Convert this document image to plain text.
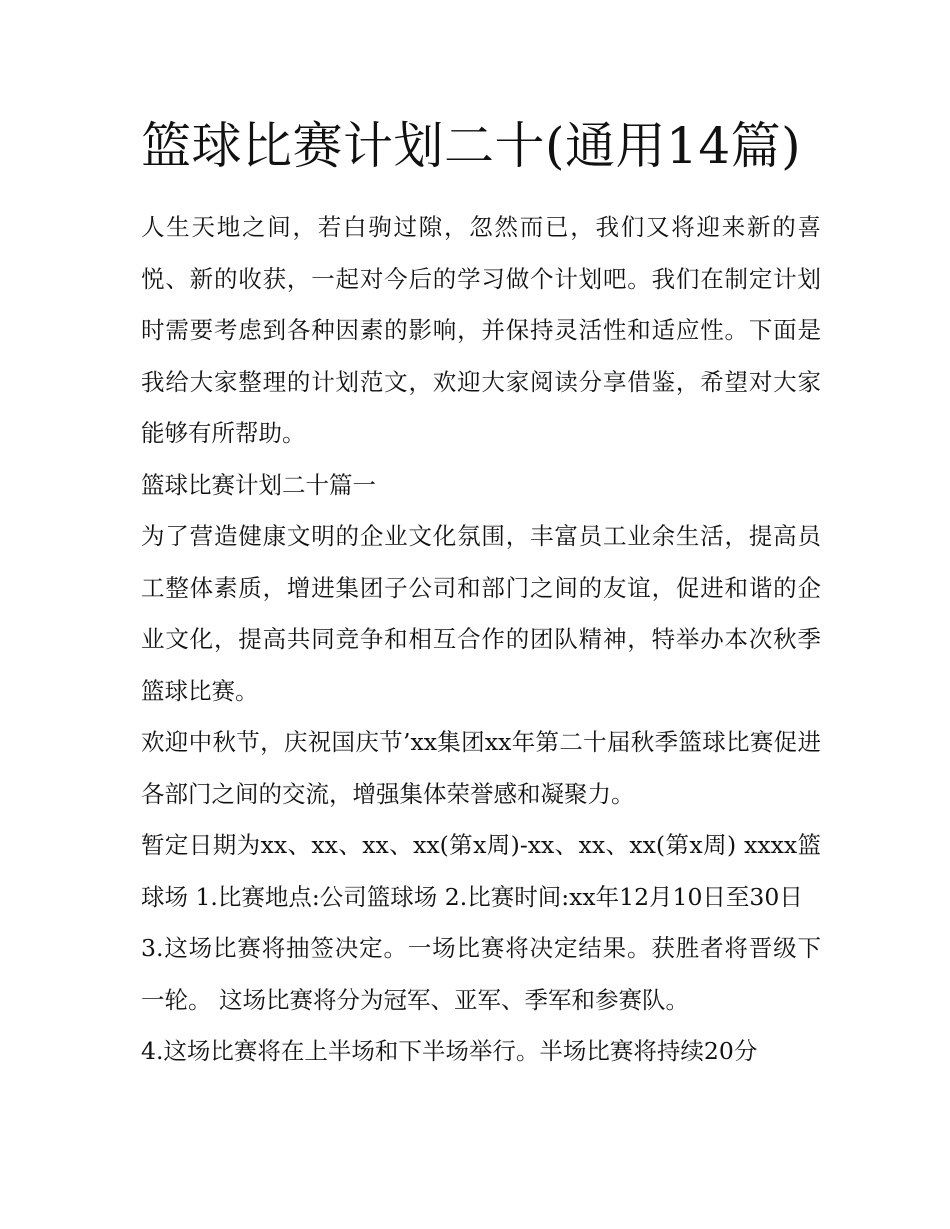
篮球比赛计划二十(通用14篇)

人生天地之间，若白驹过隙，忽然而已，我们又将迎来新的喜悦、新的收获，一起对今后的学习做个计划吧。我们在制定计划时需要考虑到各种因素的影响，并保持灵活性和适应性。下面是我给大家整理的计划范文，欢迎大家阅读分享借鉴，希望对大家能够有所帮助。

篮球比赛计划二十篇一

为了营造健康文明的企业文化氛围，丰富员工业余生活，提高员工整体素质，增进集团子公司和部门之间的友谊，促进和谐的企业文化，提高共同竞争和相互合作的团队精神，特举办本次秋季篮球比赛。

欢迎中秋节，庆祝国庆节’xx集团xx年第二十届秋季篮球比赛促进各部门之间的交流，增强集体荣誉感和凝聚力。

暂定日期为xx、xx、xx、xx(第x周)-xx、xx、xx(第x周) xxxx篮球场 1.比赛地点:公司篮球场 2.比赛时间:xx年12月10日至30日

3.这场比赛将抽签决定。一场比赛将决定结果。获胜者将晋级下一轮。 这场比赛将分为冠军、亚军、季军和参赛队。

4.这场比赛将在上半场和下半场举行。半场比赛将持续20分
